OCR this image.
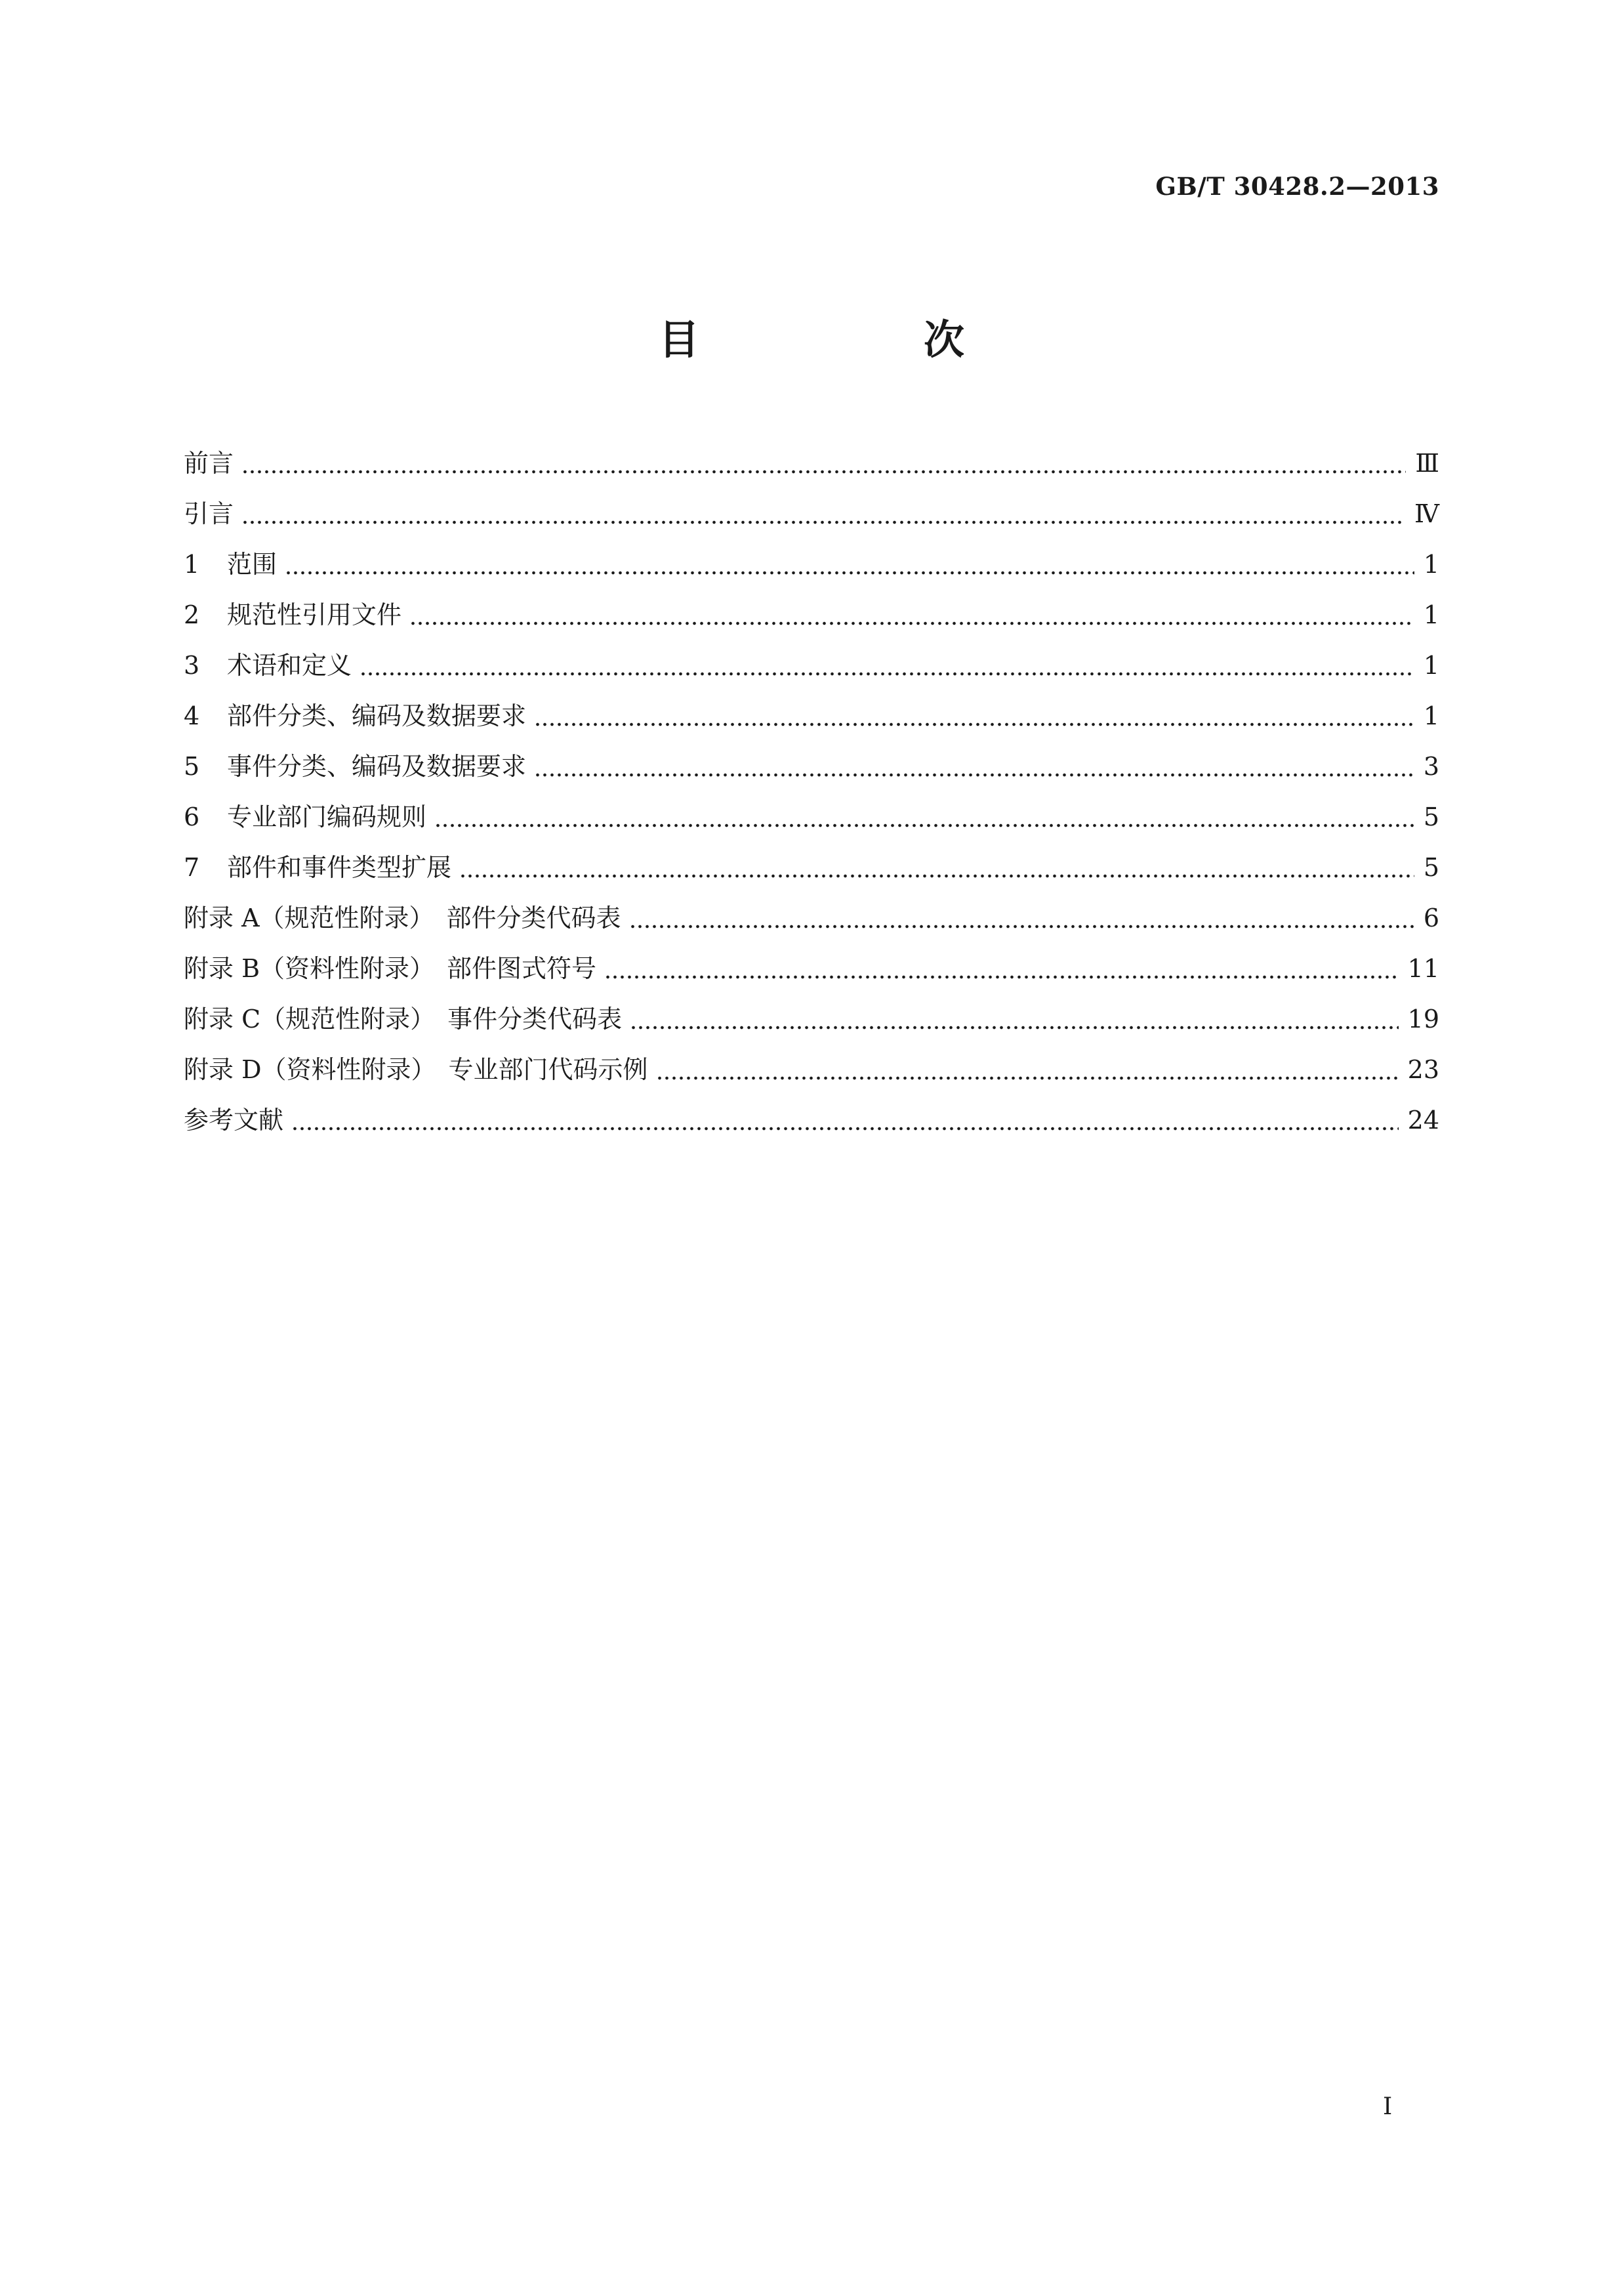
GB/T 30428.2—2013
目　次
前言	Ⅲ
引言	Ⅳ
1	范围	1
2	规范性引用文件	1
3	术语和定义	1
4	部件分类、编码及数据要求	1
5	事件分类、编码及数据要求	3
6	专业部门编码规则	5
7	部件和事件类型扩展	5
附录 A（规范性附录）　部件分类代码表	6
附录 B（资料性附录）　部件图式符号	11
附录 C（规范性附录）　事件分类代码表	19
附录 D（资料性附录）　专业部门代码示例	23
参考文献	24
Ⅰ
